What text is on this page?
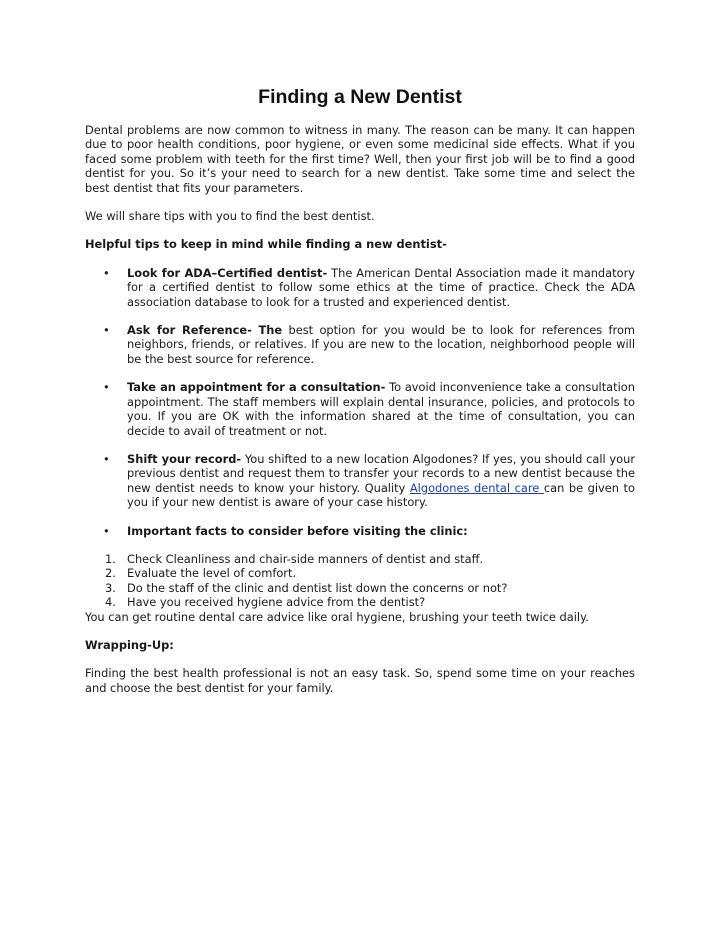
Finding a New Dentist

Dental problems are now common to witness in many. The reason can be many. It can happen due to poor health conditions, poor hygiene, or even some medicinal side effects. What if you faced some problem with teeth for the first time? Well, then your first job will be to find a good dentist for you. So it’s your need to search for a new dentist. Take some time and select the best dentist that fits your parameters.

We will share tips with you to find the best dentist.

Helpful tips to keep in mind while finding a new dentist-

• Look for ADA–Certified dentist- The American Dental Association made it mandatory for a certified dentist to follow some ethics at the time of practice. Check the ADA association database to look for a trusted and experienced dentist.
• Ask for Reference- The best option for you would be to look for references from neighbors, friends, or relatives. If you are new to the location, neighborhood people will be the best source for reference.
• Take an appointment for a consultation- To avoid inconvenience take a consultation appointment. The staff members will explain dental insurance, policies, and protocols to you. If you are OK with the information shared at the time of consultation, you can decide to avail of treatment or not.
• Shift your record- You shifted to a new location Algodones? If yes, you should call your previous dentist and request them to transfer your records to a new dentist because the new dentist needs to know your history. Quality Algodones dental care can be given to you if your new dentist is aware of your case history.
• Important facts to consider before visiting the clinic:
1. Check Cleanliness and chair-side manners of dentist and staff.
2. Evaluate the level of comfort.
3. Do the staff of the clinic and dentist list down the concerns or not?
4. Have you received hygiene advice from the dentist?

You can get routine dental care advice like oral hygiene, brushing your teeth twice daily.

Wrapping-Up:

Finding the best health professional is not an easy task. So, spend some time on your reaches and choose the best dentist for your family.
